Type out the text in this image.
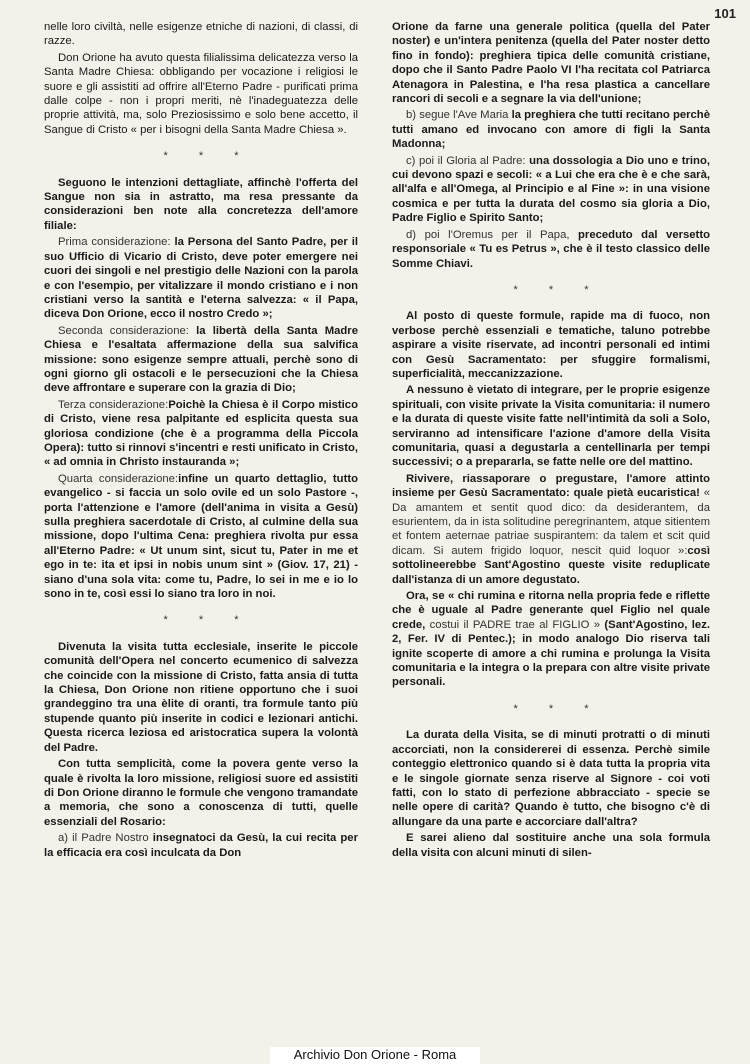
101

nelle loro civiltà, nelle esigenze etniche di nazioni, di classi, di razze.

Don Orione ha avuto questa filialissima delicatezza verso la Santa Madre Chiesa: obbligando per vocazione i religiosi le suore e gli assistiti ad offrire all'Eterno Padre - purificati prima dalle colpe - non i propri meriti, nè l'inadeguatezza delle proprie attività, ma, solo Preziosissimo e solo bene accetto, il Sangue di Cristo « per i bisogni della Santa Madre Chiesa ».

* * *

Seguono le intenzioni dettagliate, affinchè l'offerta del Sangue non sia in astratto, ma resa pressante da considerazioni ben note alla concretezza dell'amore filiale:

Prima considerazione: la Persona del Santo Padre, per il suo Ufficio di Vicario di Cristo, deve poter emergere nei cuori dei singoli e nel prestigio delle Nazioni con la parola e con l'esempio, per vitalizzare il mondo cristiano e i non cristiani verso la santità e l'eterna salvezza: « il Papa, diceva Don Orione, ecco il nostro Credo »;

Seconda considerazione: la libertà della Santa Madre Chiesa e l'esaltata affermazione della sua salvifica missione: sono esigenze sempre attuali, perchè sono di ogni giorno gli ostacoli e le persecuzioni che la Chiesa deve affrontare e superare con la grazia di Dio;

Terza considerazione:Poichè la Chiesa è il Corpo mistico di Cristo, viene resa palpitante ed esplicita questa sua gloriosa condizione (che è a programma della Piccola Opera): tutto si rinnovi s'incentri e resti unificato in Cristo, « ad omnia in Christo instauranda »;

Quarta considerazione:infine un quarto dettaglio, tutto evangelico - si faccia un solo ovile ed un solo Pastore -, porta l'attenzione e l'amore (dell'anima in visita a Gesù) sulla preghiera sacerdotale di Cristo, al culmine della sua missione, dopo l'ultima Cena: preghiera rivolta pur essa all'Eterno Padre: « Ut unum sint, sicut tu, Pater in me et ego in te: ita et ipsi in nobis unum sint » (Giov. 17, 21) - siano d'una sola vita: come tu, Padre, lo sei in me e io lo sono in te, così essi lo siano tra loro in noi.

* * *

Divenuta la visita tutta ecclesiale, inserite le piccole comunità dell'Opera nel concerto ecumenico di salvezza che coincide con la missione di Cristo, fatta ansia di tutta la Chiesa, Don Orione non ritiene opportuno che i suoi grandeggino tra una èlite di oranti, tra formule tanto più stupende quanto più inserite in codici e lezionari antichi. Questa ricerca leziosa ed aristocratica supera la volontà del Padre.

Con tutta semplicità, come la povera gente verso la quale è rivolta la loro missione, religiosi suore ed assistiti di Don Orione diranno le formule che vengono tramandate a memoria, che sono a conoscenza di tutti, quelle essenziali del Rosario:

a) il Padre Nostro insegnatoci da Gesù, la cui recita per la efficacia era così inculcata da Don

Orione da farne una generale politica (quella del Pater noster) e un'intera penitenza (quella del Pater noster detto fino in fondo): preghiera tipica delle comunità cristiane, dopo che il Santo Padre Paolo VI l'ha recitata col Patriarca Atenagora in Palestina, e l'ha resa plastica a cancellare rancori di secoli e a segnare la via dell'unione;

b) segue l'Ave Maria la preghiera che tutti recitano perchè tutti amano ed invocano con amore di figli la Santa Madonna;

c) poi il Gloria al Padre: una dossologia a Dio uno e trino, cui devono spazi e secoli: « a Lui che era che è e che sarà, all'alfa e all'Omega, al Principio e al Fine »: in una visione cosmica e per tutta la durata del cosmo sia gloria a Dio, Padre Figlio e Spirito Santo;

d) poi l'Oremus per il Papa, preceduto dal versetto responsoriale « Tu es Petrus », che è il testo classico delle Somme Chiavi.

* * *

Al posto di queste formule, rapide ma di fuoco, non verbose perchè essenziali e tematiche, taluno potrebbe aspirare a visite riservate, ad incontri personali ed intimi con Gesù Sacramentato: per sfuggire formalismi, superficialità, meccanizzazione.

A nessuno è vietato di integrare, per le proprie esigenze spirituali, con visite private la Visita comunitaria: il numero e la durata di queste visite fatte nell'intimità da soli a Solo, serviranno ad intensificare l'azione d'amore della Visita comunitaria, quasi a degustarla a centellinarla per tempi successivi; o a prepararla, se fatte nelle ore del mattino.

Rivivere, riassaporare o pregustare, l'amore attinto insieme per Gesù Sacramentato: quale pietà eucaristica! « Da amantem et sentit quod dico: da desiderantem, da esurientem, da in ista solitudine peregrinantem, atque sitientem et fontem aeternae patriae suspirantem: da talem et scit quid dicam. Si autem frigido loquor, nescit quid loquor »:così sottolineerebbe Sant'Agostino queste visite reduplicate dall'istanza di un amore degustato.

Ora, se « chi rumina e ritorna nella propria fede e riflette che è uguale al Padre generante quel Figlio nel quale crede, costui il PADRE trae al FIGLIO » (Sant'Agostino, lez. 2, Fer. IV di Pentec.); in modo analogo Dio riserva tali ignite scoperte di amore a chi rumina e prolunga la Visita comunitaria e la integra o la prepara con altre visite private personali.

* * *

La durata della Visita, se di minuti protratti o di minuti accorciati, non la considererei di essenza. Perchè simile conteggio elettronico quando si è data tutta la propria vita e le singole giornate senza riserve al Signore - coi voti fatti, con lo stato di perfezione abbracciato - specie se nelle opere di carità? Quando è tutto, che bisogno c'è di allungare da una parte e accorciare dall'altra?

E sarei alieno dal sostituire anche una sola formula della visita con alcuni minuti di silen-

Archivio Don Orione - Roma
